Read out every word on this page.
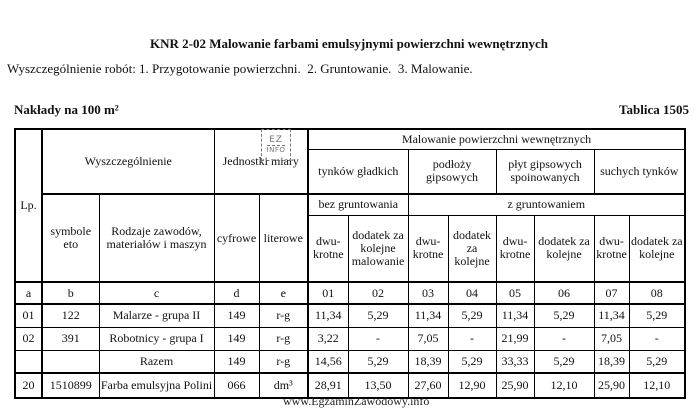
KNR 2-02 Malowanie farbami emulsyjnymi powierzchni wewnętrznych
Wyszczególnienie robót: 1. Przygotowanie powierzchni.  2. Gruntowanie.  3. Malowanie.
Nakłady na 100 m²	Tablica 1505
Lp.	Wyszczególnienie		Jednostki miary		Malowanie powierzchni wewnętrznych							
					tynków gładkich		podłoży gipsowych		płyt gipsowych spoinowanych		suchych tynków	
	symbole eto	Rodzaje zawodów, materiałów i maszyn	cyfrowe	literowe	bez gruntowania		z gruntowaniem					
					dwu-krotne	dodatek za kolejne malowanie	dwu-krotne	dodatek za kolejne	dwu-krotne	dodatek za kolejne	dwu-krotne	dodatek za kolejne
a	b	c	d	e	01	02	03	04	05	06	07	08
01	122	Malarze - grupa II	149	r-g	11,34	5,29	11,34	5,29	11,34	5,29	11,34	5,29
02	391	Robotnicy - grupa I	149	r-g	3,22	-	7,05	-	21,99	-	7,05	-
		Razem	149	r-g	14,56	5,29	18,39	5,29	33,33	5,29	18,39	5,29
20	1510899	Farba emulsyjna Polini	066	dm³	28,91	13,50	27,60	12,90	25,90	12,10	25,90	12,10
EZ
INFO
www.EgzaminZawodowy.info
